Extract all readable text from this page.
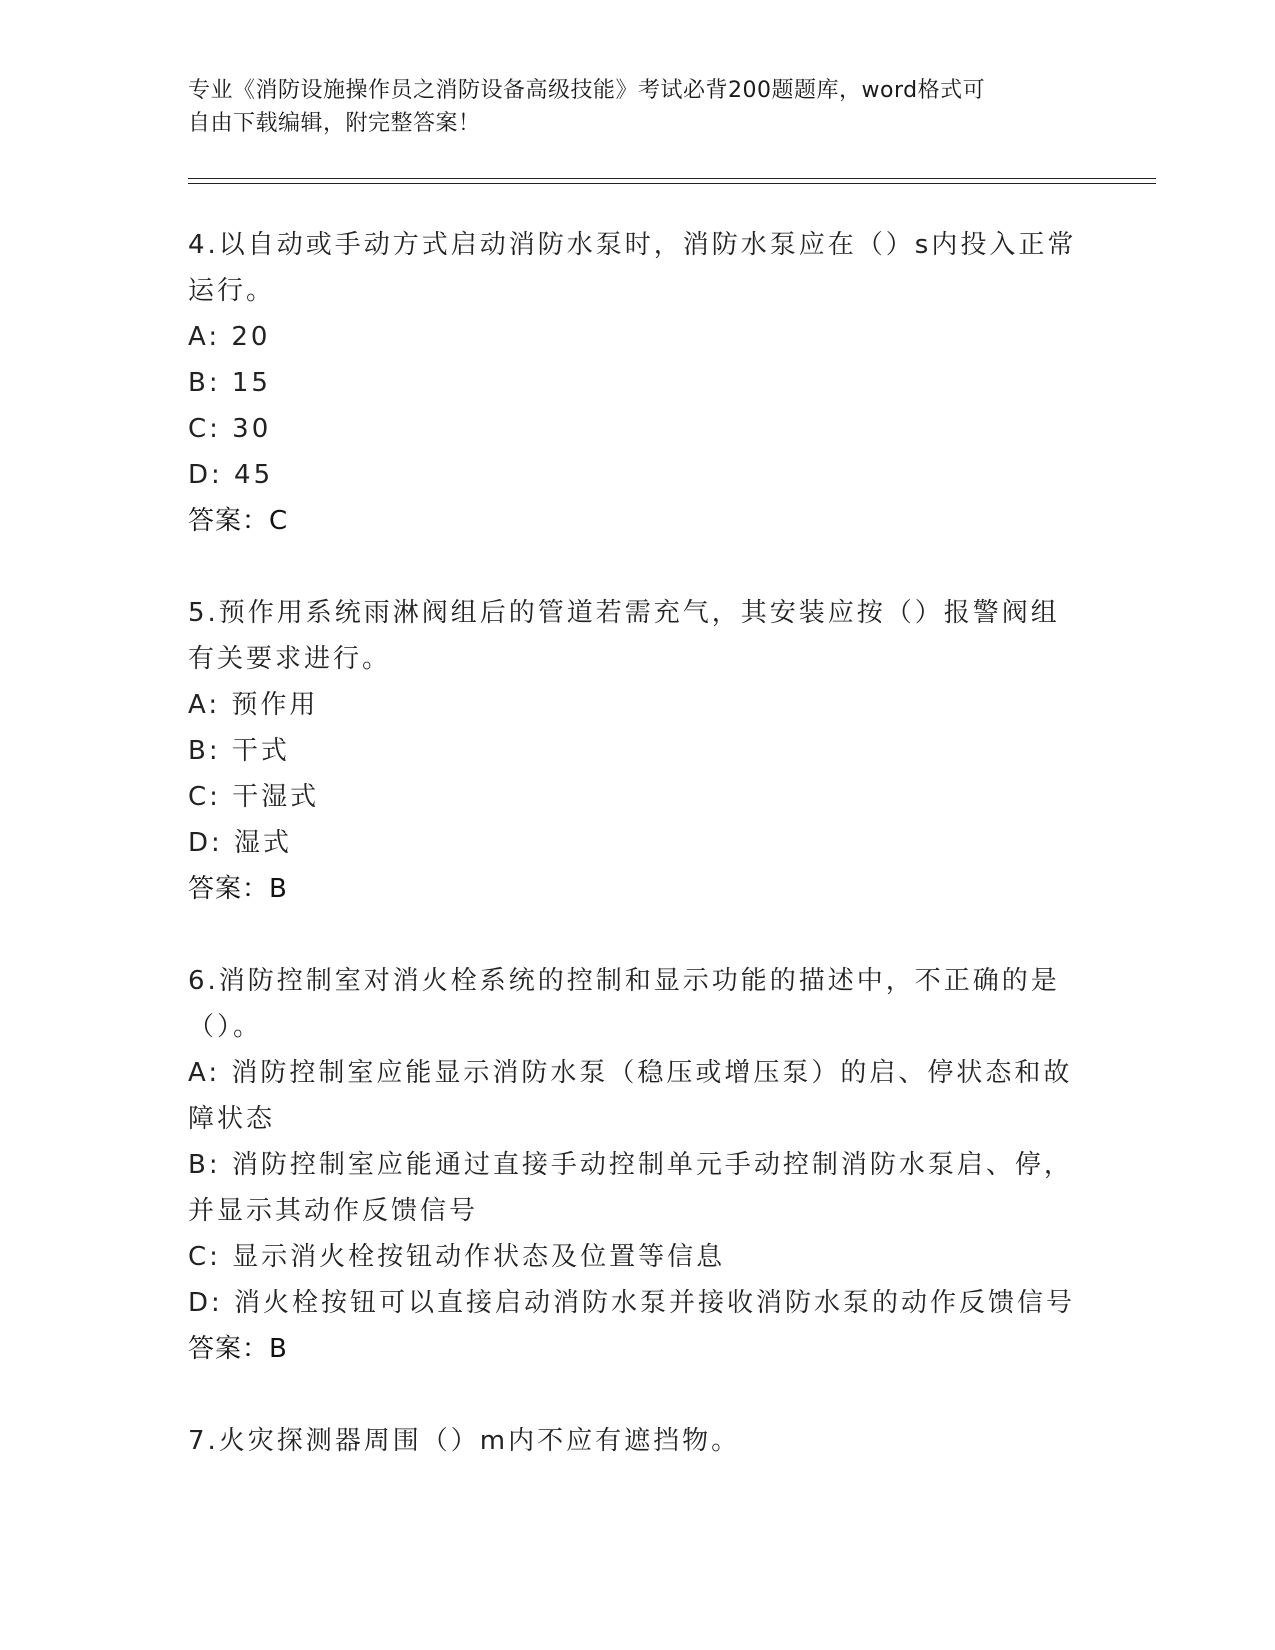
专业《消防设施操作员之消防设备高级技能》考试必背200题题库，word格式可
自由下载编辑，附完整答案！
4.以自动或手动方式启动消防水泵时，消防水泵应在（）s内投入正常
运行。
A: 20
B: 15
C: 30
D: 45
答案：C
5.预作用系统雨淋阀组后的管道若需充气，其安装应按（）报警阀组
有关要求进行。
A: 预作用
B: 干式
C: 干湿式
D: 湿式
答案：B
6.消防控制室对消火栓系统的控制和显示功能的描述中，不正确的是
（）。
A: 消防控制室应能显示消防水泵（稳压或增压泵）的启、停状态和故
障状态
B: 消防控制室应能通过直接手动控制单元手动控制消防水泵启、停，
并显示其动作反馈信号
C: 显示消火栓按钮动作状态及位置等信息
D: 消火栓按钮可以直接启动消防水泵并接收消防水泵的动作反馈信号
答案：B
7.火灾探测器周围（）m内不应有遮挡物。
